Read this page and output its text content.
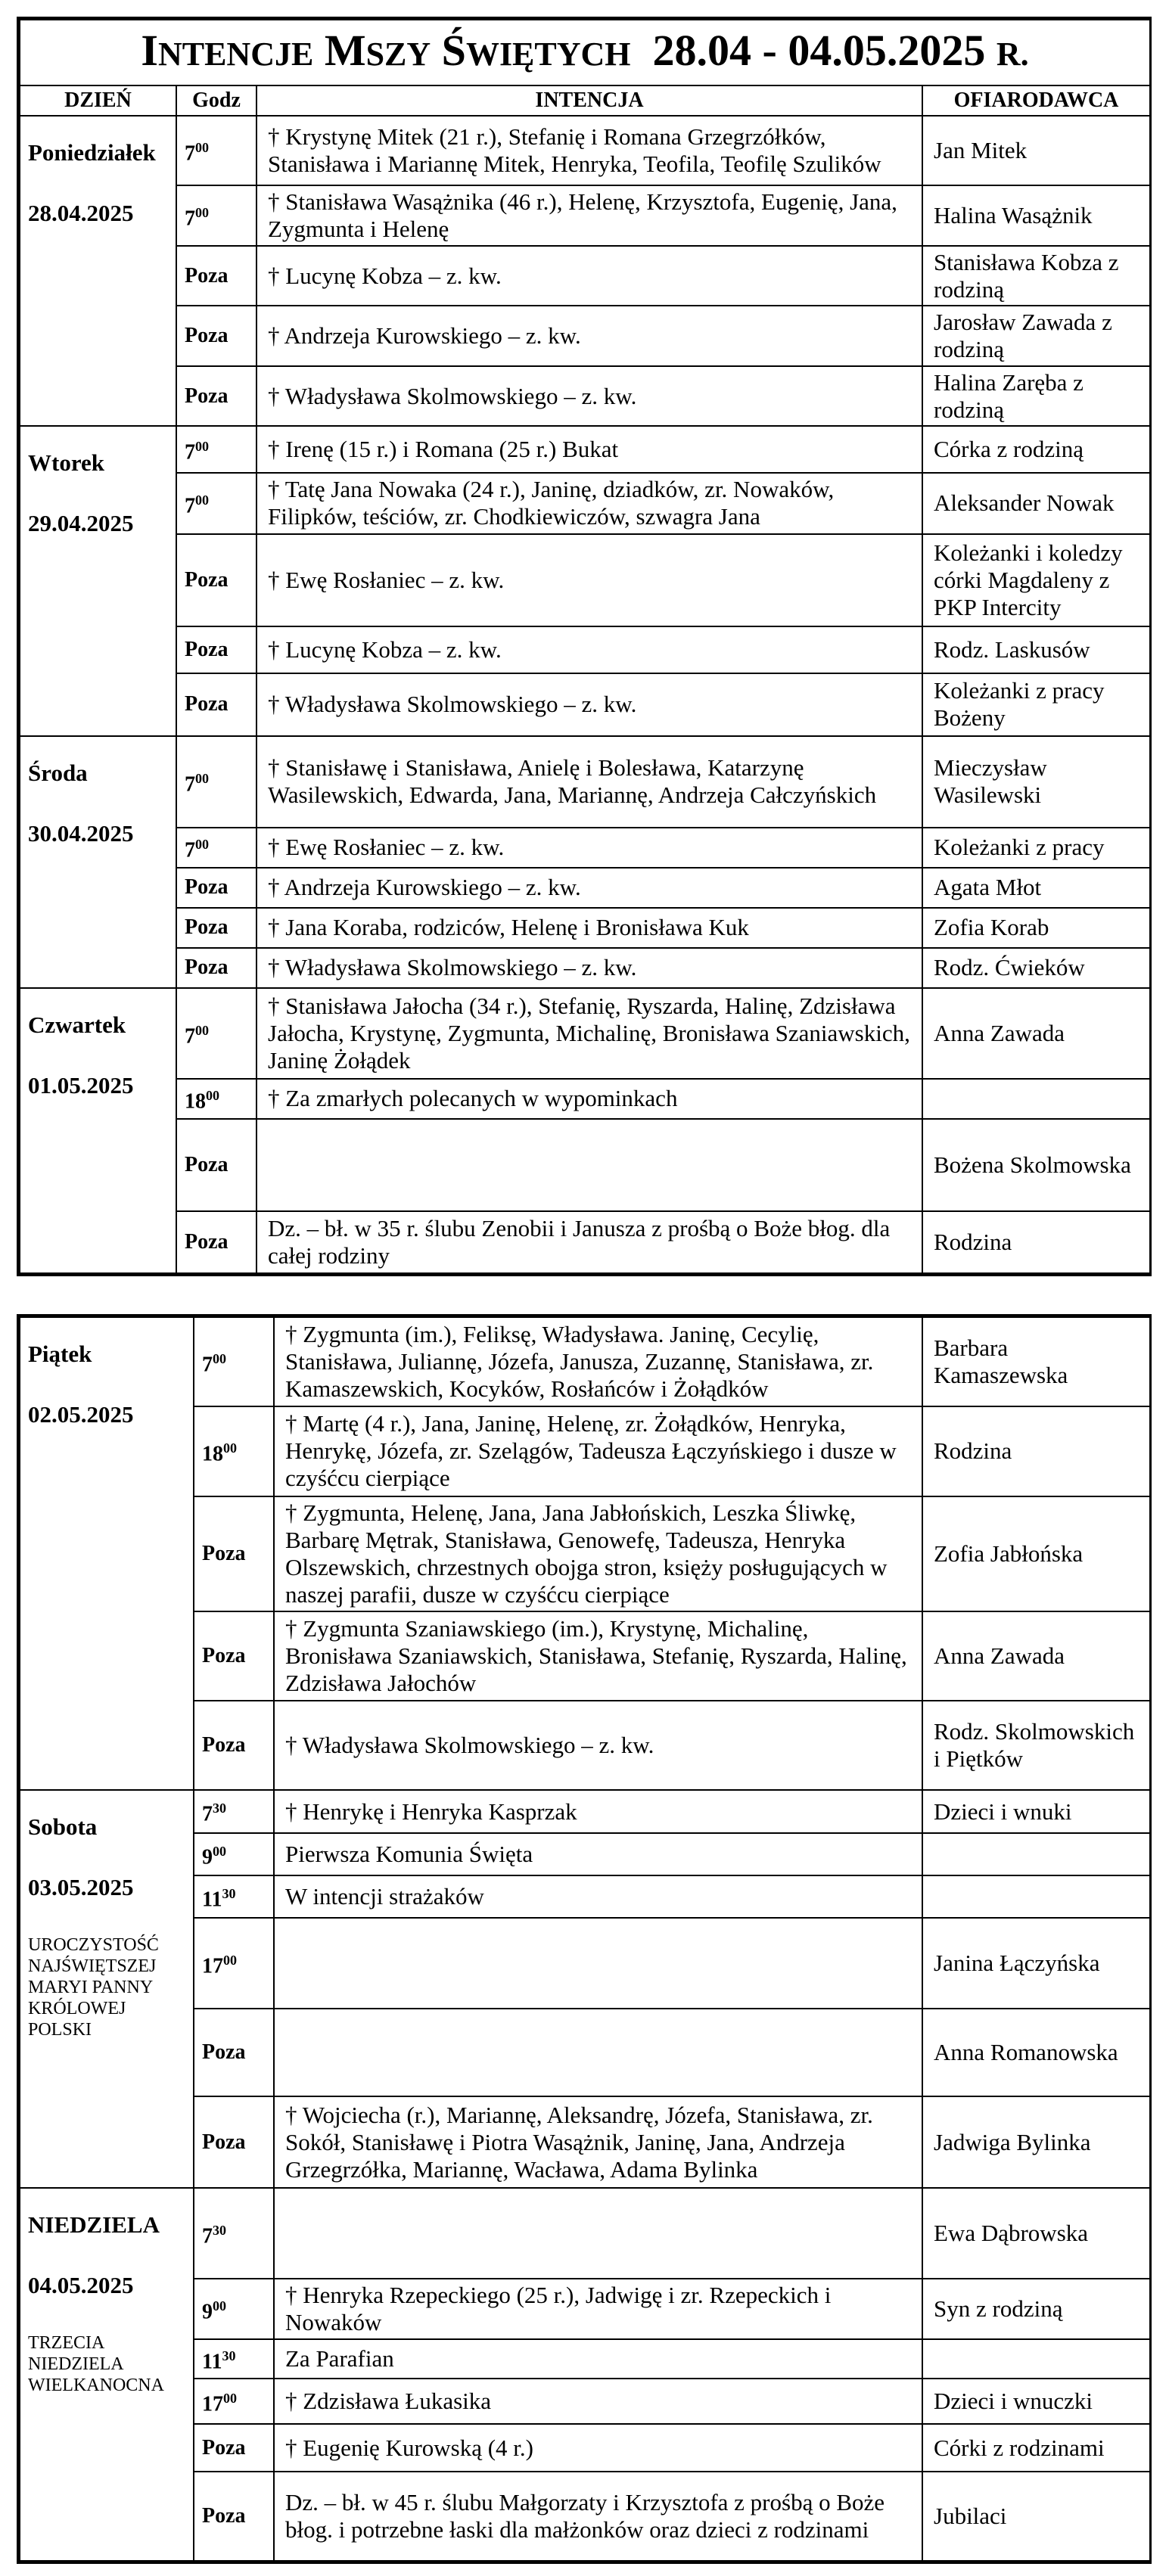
INTENCJE MSZY ŚWIĘTYCH 28.04 - 04.05.2025 R.			
DZIEŃ	Godz	INTENCJA	OFIARODAWCA

Poniedziałek
28.04.2025	$7^{00}$	† Krystynę Mitek (21 r.), Stefanię i Romana Grzegrzółków, Stanisława i Mariannę Mitek, Henryka, Teofila, Teofilę Szulików	Jan Mitek
	$7^{00}$	† Stanisława Wasążnika (46 r.), Helenę, Krzysztofa, Eugenię, Jana, Zygmunta i Helenę	Halina Wasążnik
	Poza	† Lucynę Kobza – z. kw.	Stanisława Kobza z rodziną
	Poza	† Andrzeja Kurowskiego – z. kw.	Jarosław Zawada z rodziną
	Poza	† Władysława Skolmowskiego – z. kw.	Halina Zaręba z rodziną

Wtorek
29.04.2025	$7^{00}$	† Irenę (15 r.) i Romana (25 r.) Bukat	Córka z rodziną
	$7^{00}$	† Tatę Jana Nowaka (24 r.), Janinę, dziadków, zr. Nowaków, Filipków, teściów, zr. Chodkiewiczów, szwagra Jana	Aleksander Nowak
	Poza	† Ewę Rosłaniec – z. kw.	Koleżanki i koledzy córki Magdaleny z PKP Intercity
	Poza	† Lucynę Kobza – z. kw.	Rodz. Laskusów
	Poza	† Władysława Skolmowskiego – z. kw.	Koleżanki z pracy Bożeny

Środa
30.04.2025	$7^{00}$	† Stanisławę i Stanisława, Anielę i Bolesława, Katarzynę Wasilewskich, Edwarda, Jana, Mariannę, Andrzeja Całczyńskich	Mieczysław Wasilewski
	$7^{00}$	† Ewę Rosłaniec – z. kw.	Koleżanki z pracy
	Poza	† Andrzeja Kurowskiego – z. kw.	Agata Młot
	Poza	† Jana Koraba, rodziców, Helenę i Bronisława Kuk	Zofia Korab
	Poza	† Władysława Skolmowskiego – z. kw.	Rodz. Ćwieków

Czwartek
01.05.2025	$7^{00}$	† Stanisława Jałocha (34 r.), Stefanię, Ryszarda, Halinę, Zdzisława Jałocha, Krystynę, Zygmunta, Michalinę, Bronisława Szaniawskich, Janinę Żołądek	Anna Zawada
	$18^{00}$	† Za zmarłych polecanych w wypominkach	
	Poza		Bożena Skolmowska
	Poza	Dz. – bł. w 35 r. ślubu Zenobii i Janusza z prośbą o Boże błog. dla całej rodziny	Rodzina
Piątek
02.05.2025	$7^{00}$	† Zygmunta (im.), Feliksę, Władysława. Janinę, Cecylię, Stanisława, Juliannę, Józefa, Janusza, Zuzannę, Stanisława, zr. Kamaszewskich, Kocyków, Rosłańców i Żołądków	Barbara Kamaszewska
	$18^{00}$	† Martę (4 r.), Jana, Janinę, Helenę, zr. Żołądków, Henryka, Henrykę, Józefa, zr. Szelągów, Tadeusza Łączyńskiego i dusze w czyśćcu cierpiące	Rodzina
	Poza	† Zygmunta, Helenę, Jana, Jana Jabłońskich, Leszka Śliwkę, Barbarę Mętrak, Stanisława, Genowefę, Tadeusza, Henryka Olszewskich, chrzestnych obojga stron, księży posługujących w naszej parafii, dusze w czyśćcu cierpiące	Zofia Jabłońska
	Poza	† Zygmunta Szaniawskiego (im.), Krystynę, Michalinę, Bronisława Szaniawskich, Stanisława, Stefanię, Ryszarda, Halinę, Zdzisława Jałochów	Anna Zawada
	Poza	† Władysława Skolmowskiego – z. kw.	Rodz. Skolmowskich i Piętków

Sobota
03.05.2025
UROCZYSTOŚĆ NAJŚWIĘTSZEJ MARYI PANNY KRÓLOWEJ POLSKI	$7^{30}$	† Henrykę i Henryka Kasprzak	Dzieci i wnuki
	$9^{00}$	Pierwsza Komunia Święta	
	$11^{30}$	W intencji strażaków	
	$17^{00}$		Janina Łączyńska
	Poza		Anna Romanowska
	Poza	† Wojciecha (r.), Mariannę, Aleksandrę, Józefa, Stanisława, zr. Sokół, Stanisławę i Piotra Wasążnik, Janinę, Jana, Andrzeja Grzegrzółka, Mariannę, Wacława, Adama Bylinka	Jadwiga Bylinka

NIEDZIELA
04.05.2025
TRZECIA NIEDZIELA WIELKANOCNA	$7^{30}$		Ewa Dąbrowska
	$9^{00}$	† Henryka Rzepeckiego (25 r.), Jadwigę i zr. Rzepeckich i Nowaków	Syn z rodziną
	$11^{30}$	Za Parafian	
	$17^{00}$	† Zdzisława Łukasika	Dzieci i wnuczki
	Poza	† Eugenię Kurowską (4 r.)	Córki z rodzinami
	Poza	Dz. – bł. w 45 r. ślubu Małgorzaty i Krzysztofa z prośbą o Boże błog. i potrzebne łaski dla małżonków oraz dzieci z rodzinami	Jubilaci
